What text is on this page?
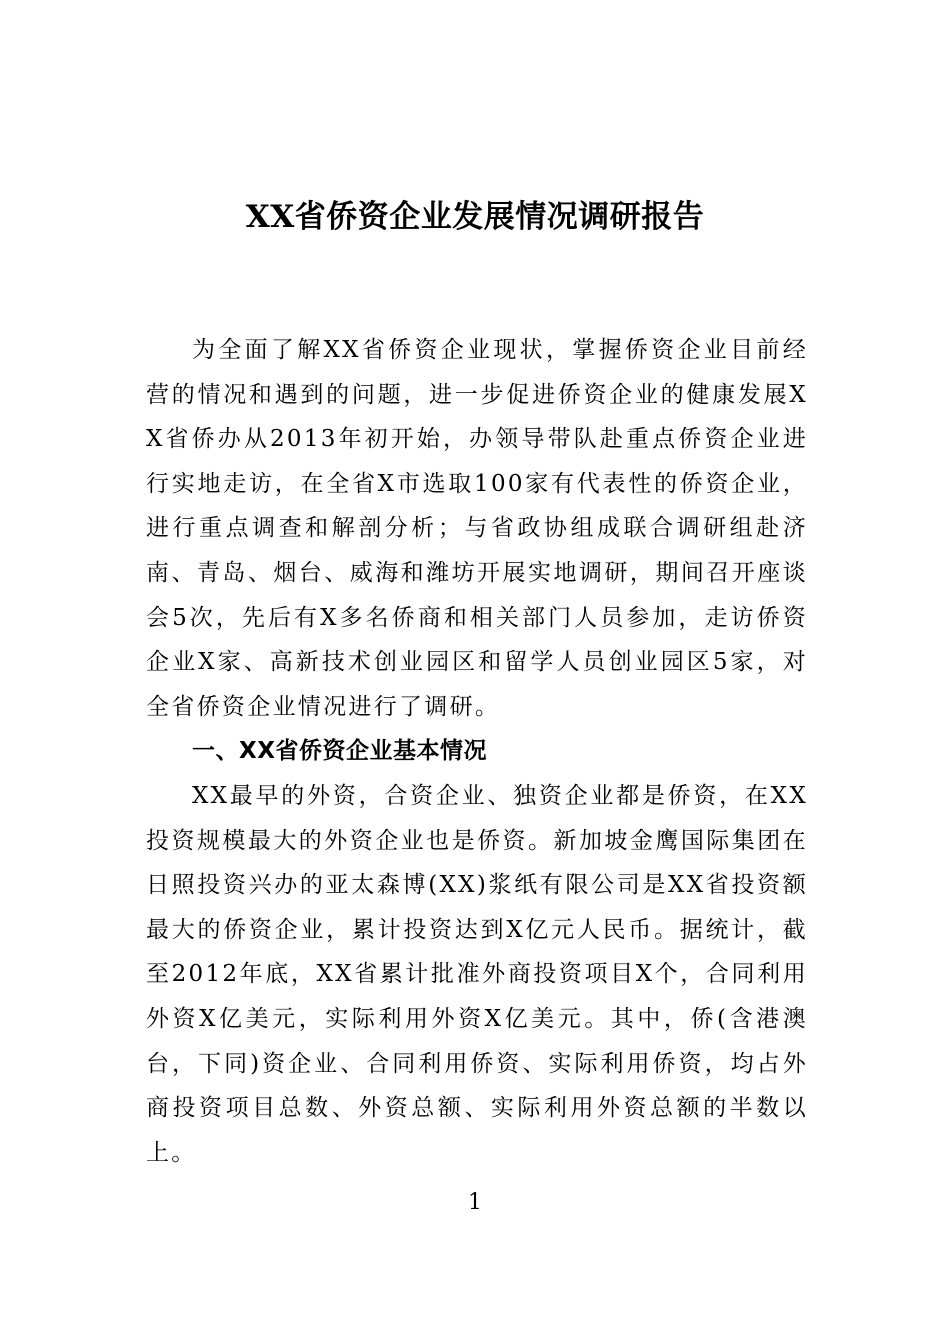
XX省侨资企业发展情况调研报告

为全面了解XX省侨资企业现状，掌握侨资企业目前经营的情况和遇到的问题，进一步促进侨资企业的健康发展XX省侨办从2013年初开始，办领导带队赴重点侨资企业进行实地走访，在全省X市选取100家有代表性的侨资企业，进行重点调查和解剖分析；与省政协组成联合调研组赴济南、青岛、烟台、威海和潍坊开展实地调研，期间召开座谈会5次，先后有X多名侨商和相关部门人员参加，走访侨资企业X家、高新技术创业园区和留学人员创业园区5家，对全省侨资企业情况进行了调研。

一、XX省侨资企业基本情况

XX最早的外资，合资企业、独资企业都是侨资，在XX投资规模最大的外资企业也是侨资。新加坡金鹰国际集团在日照投资兴办的亚太森博(XX)浆纸有限公司是XX省投资额最大的侨资企业，累计投资达到X亿元人民币。据统计，截至2012年底，XX省累计批准外商投资项目X个，合同利用外资X亿美元，实际利用外资X亿美元。其中，侨(含港澳台，下同)资企业、合同利用侨资、实际利用侨资，均占外商投资项目总数、外资总额、实际利用外资总额的半数以上。

1
